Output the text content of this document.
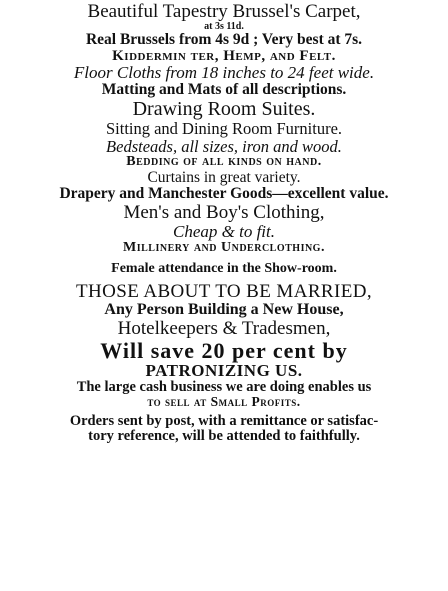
Beautiful Tapestry Brussel's Carpet,
at 3s 11d.
Real Brussels from 4s 9d ; Very best at 7s.
Kiddermin ter, Hemp, and Felt.
Floor Cloths from 18 inches to 24 feet wide.
Matting and Mats of all descriptions.
Drawing Room Suites.
Sitting and Dining Room Furniture.
Bedsteads, all sizes, iron and wood.
Bedding of all kinds on hand.
Curtains in great variety.
Drapery and Manchester Goods—excellent value.
Men's and Boy's Clothing,
Cheap & to fit.
Millinery and Underclothing.
Female attendance in the Show-room.
THOSE ABOUT TO BE MARRIED,
Any Person Building a New House,
Hotelkeepers & Tradesmen,
Will save 20 per cent by
PATRONIZING US.
The large cash business we are doing enables us
to sell at Small Profits.
Orders sent by post, with a remittance or satisfac-
tory reference, will be attended to faithfully.
